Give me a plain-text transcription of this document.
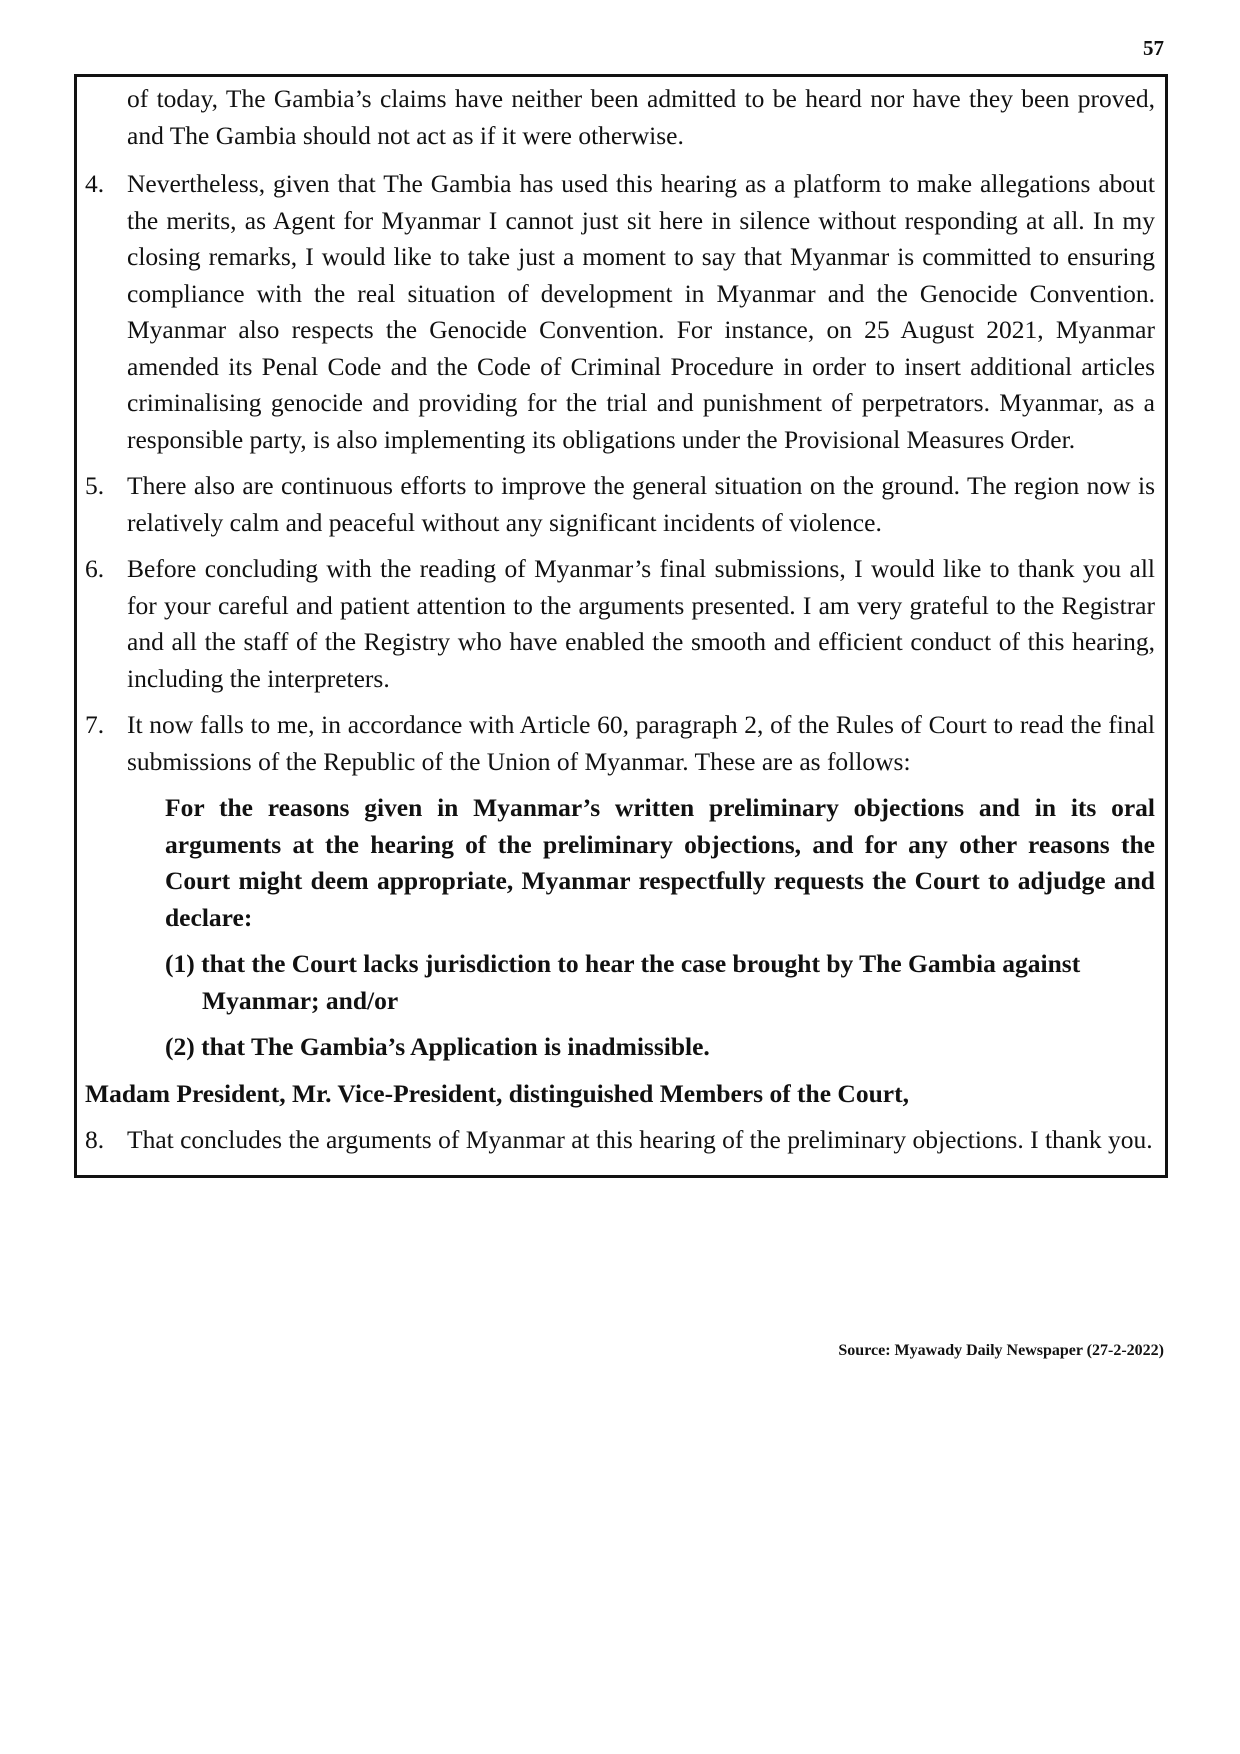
57

of today, The Gambia’s claims have neither been admitted to be heard nor have they been proved, and The Gambia should not act as if it were otherwise.

4. Nevertheless, given that The Gambia has used this hearing as a platform to make allegations about the merits, as Agent for Myanmar I cannot just sit here in silence without responding at all. In my closing remarks, I would like to take just a moment to say that Myanmar is committed to ensuring compliance with the real situation of development in Myanmar and the Genocide Convention. Myanmar also respects the Genocide Convention. For instance, on 25 August 2021, Myanmar amended its Penal Code and the Code of Criminal Procedure in order to insert additional articles criminalising genocide and providing for the trial and punishment of perpetrators. Myanmar, as a responsible party, is also implementing its obligations under the Provisional Measures Order.

5. There also are continuous efforts to improve the general situation on the ground. The region now is relatively calm and peaceful without any significant incidents of violence.

6. Before concluding with the reading of Myanmar’s final submissions, I would like to thank you all for your careful and patient attention to the arguments presented. I am very grateful to the Registrar and all the staff of the Registry who have enabled the smooth and efficient conduct of this hearing, including the interpreters.

7. It now falls to me, in accordance with Article 60, paragraph 2, of the Rules of Court to read the final submissions of the Republic of the Union of Myanmar. These are as follows:

For the reasons given in Myanmar’s written preliminary objections and in its oral arguments at the hearing of the preliminary objections, and for any other reasons the Court might deem appropriate, Myanmar respectfully requests the Court to adjudge and declare:

(1) that the Court lacks jurisdiction to hear the case brought by The Gambia against Myanmar; and/or

(2) that The Gambia’s Application is inadmissible.

Madam President, Mr. Vice-President, distinguished Members of the Court,

8. That concludes the arguments of Myanmar at this hearing of the preliminary objections. I thank you.

Source: Myawady Daily Newspaper (27-2-2022)
